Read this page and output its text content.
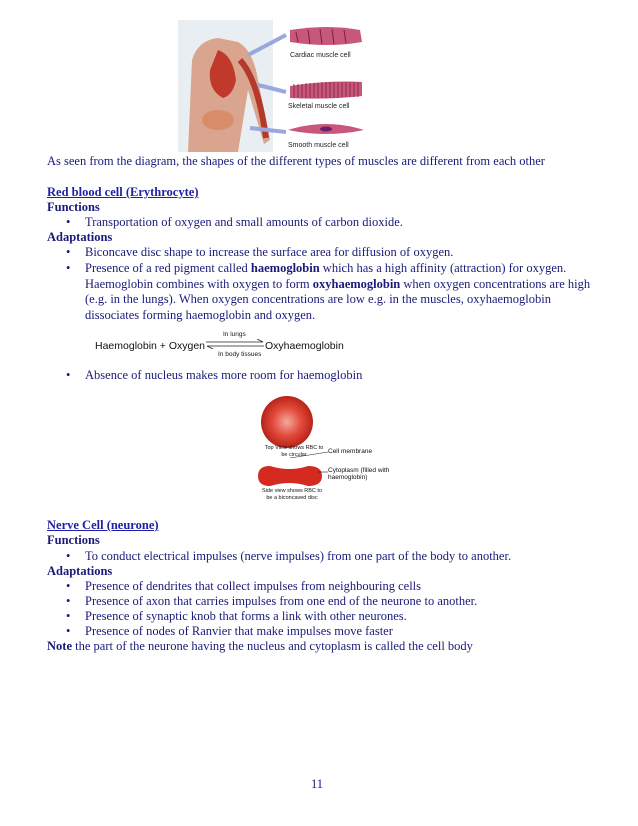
Cardiac muscle cell
Skeletal muscle cell
Smooth muscle cell
As seen from the diagram, the shapes of the different types of muscles are different from each other
Red blood cell (Erythrocyte)
Functions
• Transportation of oxygen and small amounts of carbon dioxide.
Adaptations
• Biconcave disc shape to increase the surface area for diffusion of oxygen.
• Presence of a red pigment called haemoglobin which has a high affinity (attraction) for oxygen. Haemoglobin combines with oxygen to form oxyhaemoglobin when oxygen concentrations are high (e.g. in the lungs). When oxygen concentrations are low e.g. in the muscles, oxyhaemoglobin dissociates forming haemoglobin and oxygen.
Haemoglobin + Oxygen
In lungs
In body tissues
Oxyhaemoglobin
• Absence of nucleus makes more room for haemoglobin
Top View shows RBC to be circular	Cell membrane
Cytoplasm (filled with haemoglobin)
Side view shows RBC to be a biconcaved disc
Nerve Cell (neurone)
Functions
• To conduct electrical impulses (nerve impulses) from one part of the body to another.
Adaptations
• Presence of dendrites that collect impulses from neighbouring cells
• Presence of axon that carries impulses from one end of the neurone to another.
• Presence of synaptic knob that forms a link with other neurones.
• Presence of nodes of Ranvier that make impulses move faster
Note the part of the neurone having the nucleus and cytoplasm is called the cell body
11
